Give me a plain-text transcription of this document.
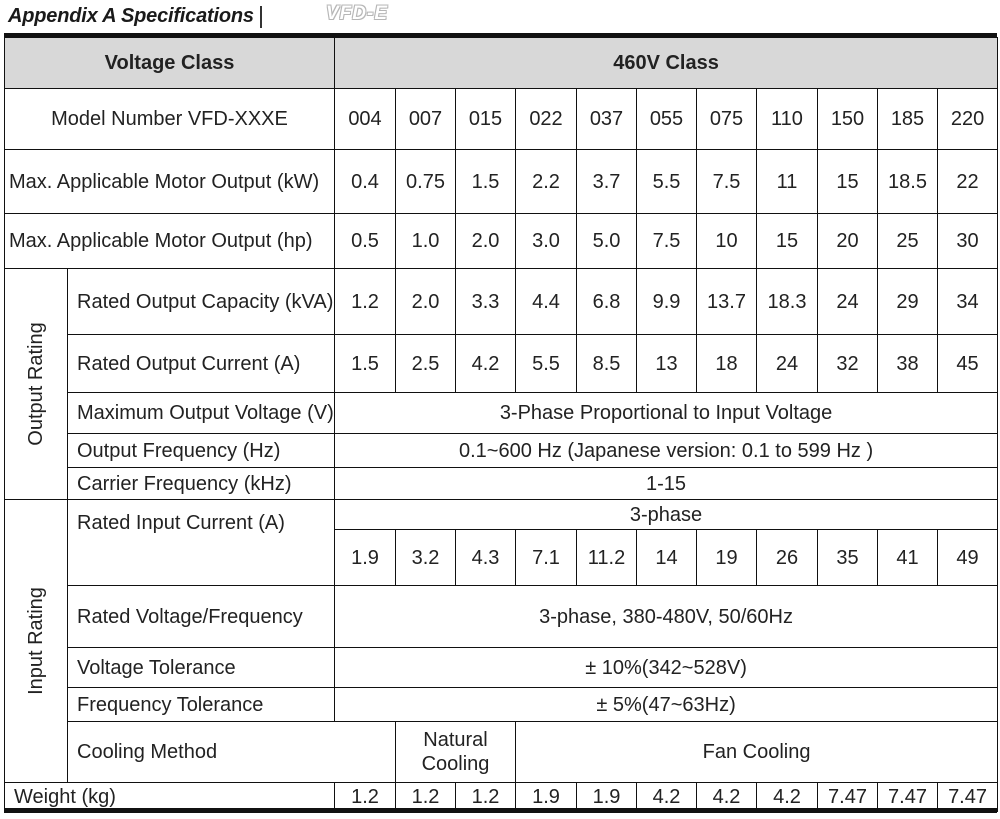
Appendix A Specifications	VFD-E
Voltage Class		460V Class										
Model Number VFD-XXXE		004	007	015	022	037	055	075	110	150	185	220
Max. Applicable Motor Output (kW)		0.4	0.75	1.5	2.2	3.7	5.5	7.5	11	15	18.5	22
Max. Applicable Motor Output (hp)		0.5	1.0	2.0	3.0	5.0	7.5	10	15	20	25	30

Output Rating	Rated Output Capacity (kVA)	1.2	2.0	3.3	4.4	6.8	9.9	13.7	18.3	24	29	34
	Rated Output Current (A)	1.5	2.5	4.2	5.5	8.5	13	18	24	32	38	45
	Maximum Output Voltage (V)	3-Phase Proportional to Input Voltage										
	Output Frequency (Hz)	0.1~600 Hz (Japanese version: 0.1 to 599 Hz )										
	Carrier Frequency (kHz)	1-15										

Input Rating	Rated Input Current (A)	3-phase										
		1.9	3.2	4.3	7.1	11.2	14	19	26	35	41	49
	Rated Voltage/Frequency	3-phase, 380-480V, 50/60Hz										
	Voltage Tolerance	± 10%(342~528V)										
	Frequency Tolerance	± 5%(47~63Hz)										
	Cooling Method		Natural Cooling		Fan Cooling							
Weight (kg)		1.2	1.2	1.2	1.9	1.9	4.2	4.2	4.2	7.47	7.47	7.47
